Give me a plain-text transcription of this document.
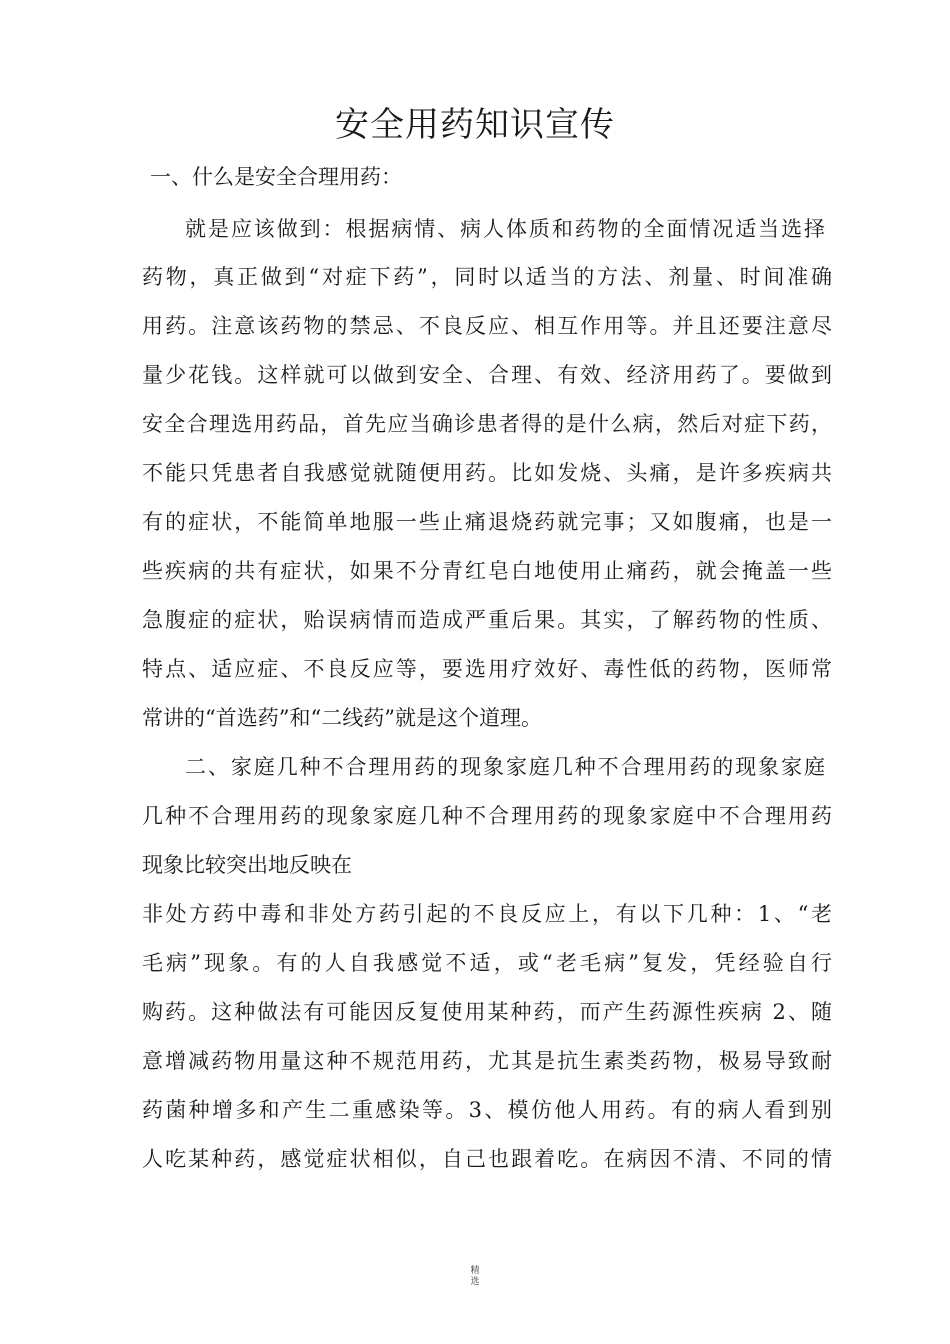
安全用药知识宣传
一、什么是安全合理用药：
就是应该做到：根据病情、病人体质和药物的全面情况适当选择
药物，真正做到“对症下药”，同时以适当的方法、剂量、时间准确
用药。注意该药物的禁忌、不良反应、相互作用等。并且还要注意尽
量少花钱。这样就可以做到安全、合理、有效、经济用药了。要做到
安全合理选用药品，首先应当确诊患者得的是什么病，然后对症下药，
不能只凭患者自我感觉就随便用药。比如发烧、头痛，是许多疾病共
有的症状，不能简单地服一些止痛退烧药就完事；又如腹痛，也是一
些疾病的共有症状，如果不分青红皂白地使用止痛药，就会掩盖一些
急腹症的症状，贻误病情而造成严重后果。其实，了解药物的性质、
特点、适应症、不良反应等，要选用疗效好、毒性低的药物，医师常
常讲的“首选药”和“二线药”就是这个道理。
二、家庭几种不合理用药的现象家庭几种不合理用药的现象家庭
几种不合理用药的现象家庭几种不合理用药的现象家庭中不合理用药
现象比较突出地反映在
非处方药中毒和非处方药引起的不良反应上，有以下几种：1、“老
毛病”现象。有的人自我感觉不适，或“老毛病”复发，凭经验自行
购药。这种做法有可能因反复使用某种药，而产生药源性疾病 2、随
意增减药物用量这种不规范用药，尤其是抗生素类药物，极易导致耐
药菌种增多和产生二重感染等。3、模仿他人用药。有的病人看到别
人吃某种药，感觉症状相似，自己也跟着吃。在病因不清、不同的情
精
选
